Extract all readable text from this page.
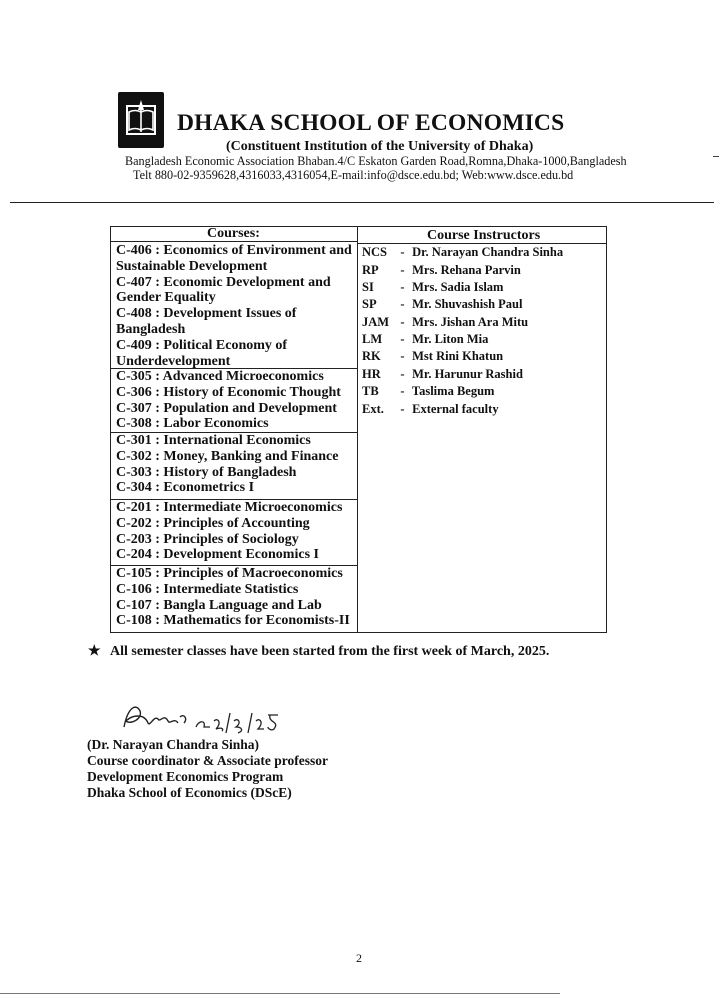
DHAKA SCHOOL OF ECONOMICS
(Constituent Institution of the University of Dhaka)
Bangladesh Economic Association Bhaban.4/C Eskaton Garden Road,Romna,Dhaka-1000,Bangladesh
Telt 880-02-9359628,4316033,4316054,E-mail:info@dsce.edu.bd; Web:www.dsce.edu.bd
Courses:	Course Instructors
C-406 : Economics of Environment and
Sustainable Development
C-407 : Economic Development and
Gender Equality
C-408 : Development Issues of
Bangladesh
C-409 : Political Economy of
Underdevelopment
C-305 : Advanced Microeconomics
C-306 : History of Economic Thought
C-307 : Population and Development
C-308 : Labor Economics
C-301 : International Economics
C-302 : Money, Banking and Finance
C-303 : History of Bangladesh
C-304 : Econometrics I
C-201 : Intermediate Microeconomics
C-202 : Principles of Accounting
C-203 : Principles of Sociology
C-204 : Development Economics I
C-105 : Principles of Macroeconomics
C-106 : Intermediate Statistics
C-107 : Bangla Language and Lab
C-108 : Mathematics for Economists-II
NCS - Dr. Narayan Chandra Sinha
RP - Mrs. Rehana Parvin
SI - Mrs. Sadia Islam
SP - Mr. Shuvashish Paul
JAM - Mrs. Jishan Ara Mitu
LM - Mr. Liton Mia
RK - Mst Rini Khatun
HR - Mr. Harunur Rashid
TB - Taslima Begum
Ext. - External faculty
★ All semester classes have been started from the first week of March, 2025.
(Dr. Narayan Chandra Sinha)
Course coordinator & Associate professor
Development Economics Program
Dhaka School of Economics (DScE)
2
